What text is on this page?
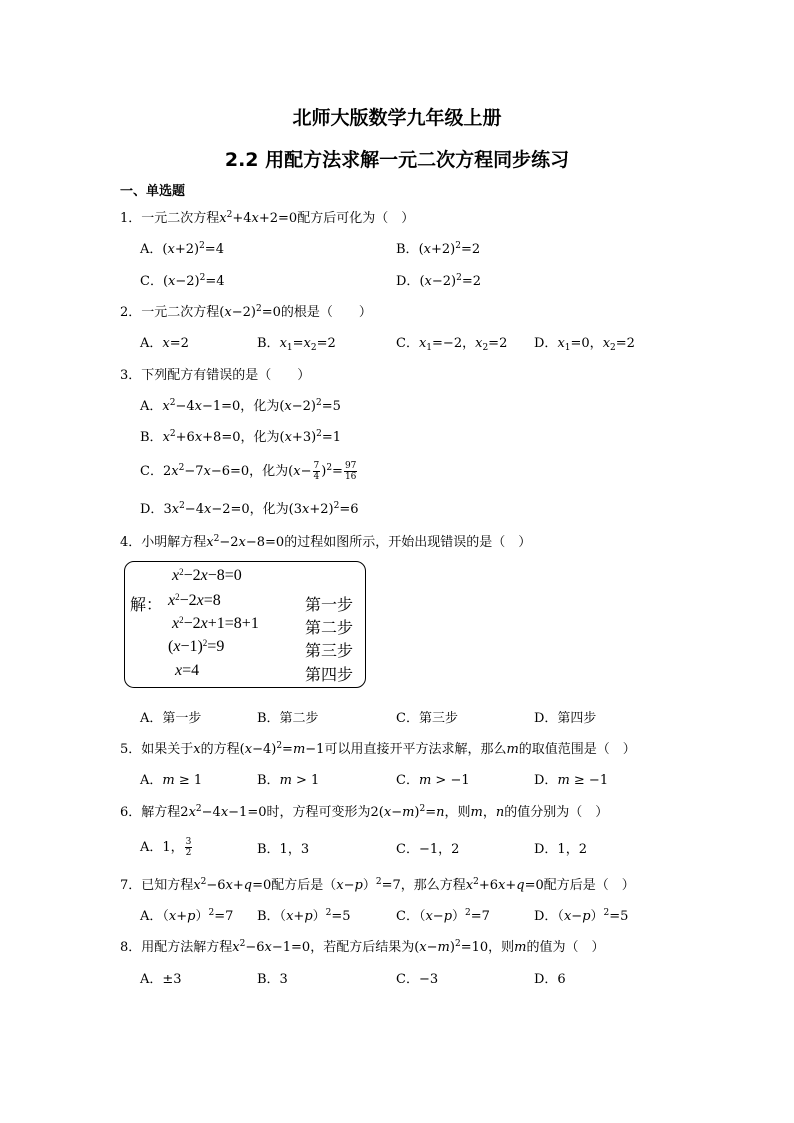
北师大版数学九年级上册
2.2 用配方法求解一元二次方程同步练习
一、单选题
1．一元二次方程$x^2+4x+2=0$配方后可化为（　）
A．$(x+2)^2=4$	B．$(x+2)^2=2$
C．$(x-2)^2=4$	D．$(x-2)^2=2$
2．一元二次方程$(x-2)^2=0$的根是（　　）
A．x=2	B．$x_1=x_2=2$	C．$x_1=-2$，$x_2=2$ D．$x_1=0$，$x_2=2$
3．下列配方有错误的是（　　）
A．$x^2-4x-1=0$，化为$(x-2)^2=5$
B．$x^2+6x+8=0$，化为$(x+3)^2=1$
C．$2x^2-7x-6=0$，化为$(x- \frac{7}{4} )^2= \frac{97}{16}$
D．$3x^2-4x-2=0$，化为$(3x+2)^2=6$
4．小明解方程$x^2-2x-8=0$的过程如图所示，开始出现错误的是（　）
$x^2-2x-8=0$
解： $x^2-2x=8$	第一步
$x^2-2x+1=8+1$	第二步
$(x-1)^2=9$	第三步
x=4	第四步
A．第一步	B．第二步	C．第三步	D．第四步
5．如果关于x的方程$(x-4)^2=m-1$可以用直接开平方法求解，那么m的取值范围是（　）
A．m ≥ 1	B．m > 1	C．m > −1	D．m ≥ −1
6．解方程$2x^2-4x-1=0$时，方程可变形为$2(x-m)^2=n$，则m，n的值分别为（　）
A．1， $\frac{3}{2}$	B．1，3	C．−1，2	D．1，2
7．已知方程$x^2-6x+q=0$配方后是$(x-p)^2=7$，那么方程$x^2+6x+q=0$配方后是（　）
A．$(x+p)^2=7$ B．$(x+p)^2=5$	C．$(x-p)^2=7$	D．$(x-p)^2=5$
8．用配方法解方程$x^2-6x-1=0$，若配方后结果为$(x-m)^2=10$，则m的值为（　）
A．±3	B．3	C．−3	D．6
